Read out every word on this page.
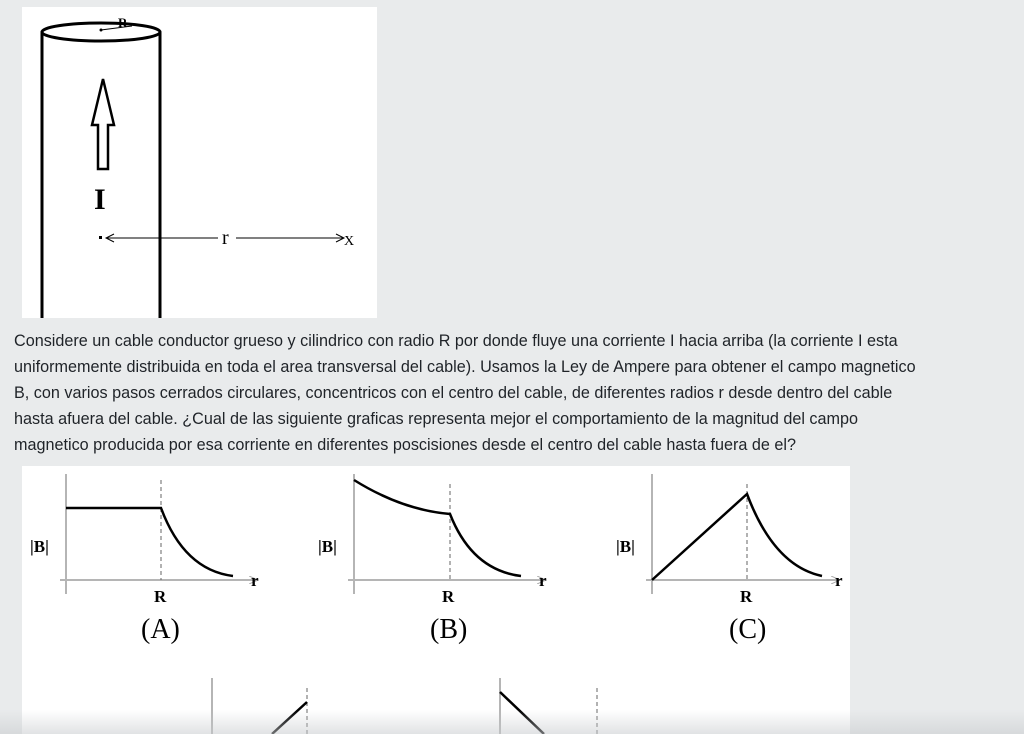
R
I
r	X
Considere un cable conductor grueso y cilindrico con radio R por donde fluye una corriente I hacia arriba (la corriente I esta
uniformemente distribuida en toda el area transversal del cable). Usamos la Ley de Ampere para obtener el campo magnetico
B, con varios pasos cerrados circulares, concentricos con el centro del cable, de diferentes radios r desde dentro del cable
hasta afuera del cable. ¿Cual de las siguiente graficas representa mejor el comportamiento de la magnitud del campo
magnetico producida por esa corriente en diferentes poscisiones desde el centro del cable hasta fuera de el?
|B|
r
R
(A)
|B|
r
R
(B)
|B|
r
R
(C)
